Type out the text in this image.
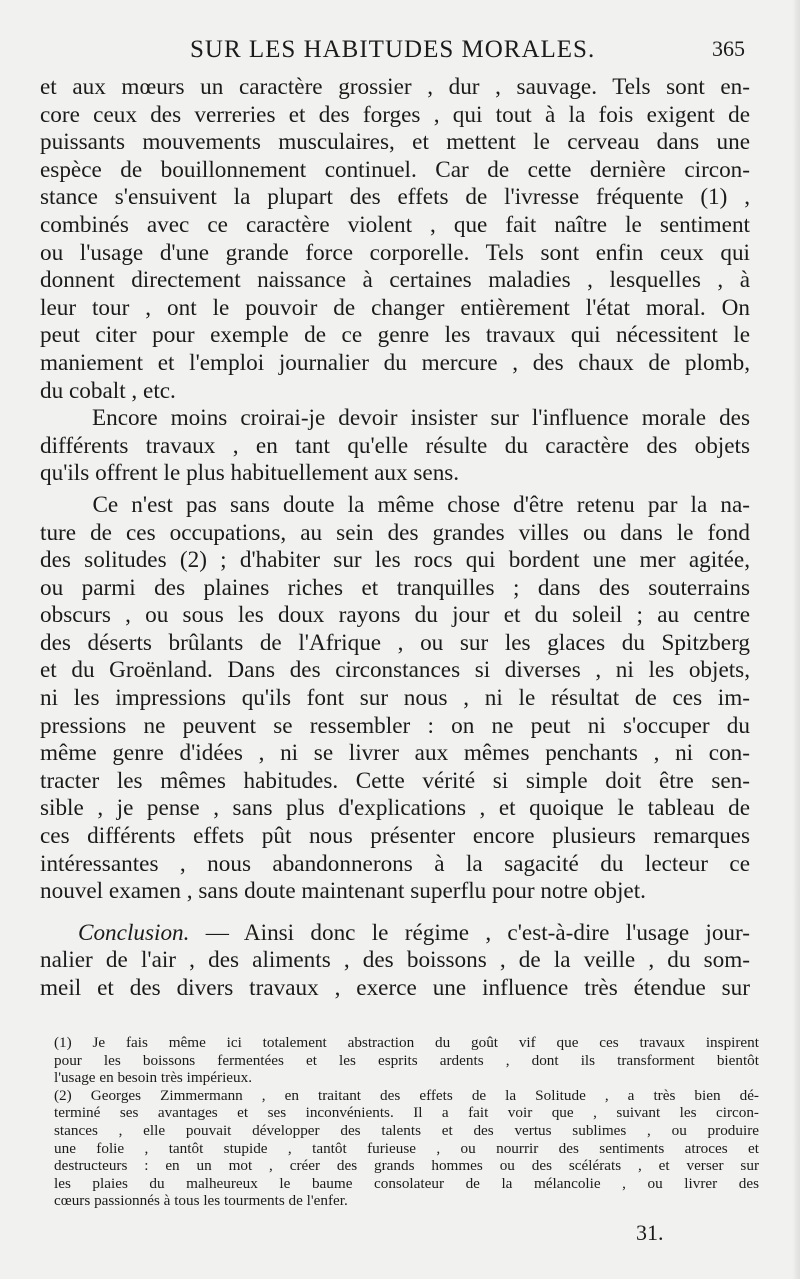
SUR LES HABITUDES MORALES.	365
et aux mœurs un caractère grossier , dur , sauvage. Tels sont en-
core ceux des verreries et des forges , qui tout à la fois exigent de
puissants mouvements musculaires, et mettent le cerveau dans une
espèce de bouillonnement continuel. Car de cette dernière circon-
stance s'ensuivent la plupart des effets de l'ivresse fréquente (1) ,
combinés avec ce caractère violent , que fait naître le sentiment
ou l'usage d'une grande force corporelle. Tels sont enfin ceux qui
donnent directement naissance à certaines maladies , lesquelles , à
leur tour , ont le pouvoir de changer entièrement l'état moral. On
peut citer pour exemple de ce genre les travaux qui nécessitent le
maniement et l'emploi journalier du mercure , des chaux de plomb,
du cobalt , etc.
Encore moins croirai-je devoir insister sur l'influence morale des
différents travaux , en tant qu'elle résulte du caractère des objets
qu'ils offrent le plus habituellement aux sens.
Ce n'est pas sans doute la même chose d'être retenu par la na-
ture de ces occupations, au sein des grandes villes ou dans le fond
des solitudes (2) ; d'habiter sur les rocs qui bordent une mer agitée,
ou parmi des plaines riches et tranquilles ; dans des souterrains
obscurs , ou sous les doux rayons du jour et du soleil ; au centre
des déserts brûlants de l'Afrique , ou sur les glaces du Spitzberg
et du Groënland. Dans des circonstances si diverses , ni les objets,
ni les impressions qu'ils font sur nous , ni le résultat de ces im-
pressions ne peuvent se ressembler : on ne peut ni s'occuper du
même genre d'idées , ni se livrer aux mêmes penchants , ni con-
tracter les mêmes habitudes. Cette vérité si simple doit être sen-
sible , je pense , sans plus d'explications , et quoique le tableau de
ces différents effets pût nous présenter encore plusieurs remarques
intéressantes , nous abandonnerons à la sagacité du lecteur ce
nouvel examen , sans doute maintenant superflu pour notre objet.
Conclusion. — Ainsi donc le régime , c'est-à-dire l'usage jour-
nalier de l'air , des aliments , des boissons , de la veille , du som-
meil et des divers travaux , exerce une influence très étendue sur
(1) Je fais même ici totalement abstraction du goût vif que ces travaux inspirent
pour les boissons fermentées et les esprits ardents , dont ils transforment bientôt
l'usage en besoin très impérieux.
(2) Georges Zimmermann , en traitant des effets de la Solitude , a très bien dé-
terminé ses avantages et ses inconvénients. Il a fait voir que , suivant les circon-
stances , elle pouvait développer des talents et des vertus sublimes , ou produire
une folie , tantôt stupide , tantôt furieuse , ou nourrir des sentiments atroces et
destructeurs : en un mot , créer des grands hommes ou des scélérats , et verser sur
les plaies du malheureux le baume consolateur de la mélancolie , ou livrer des
cœurs passionnés à tous les tourments de l'enfer.
31.
